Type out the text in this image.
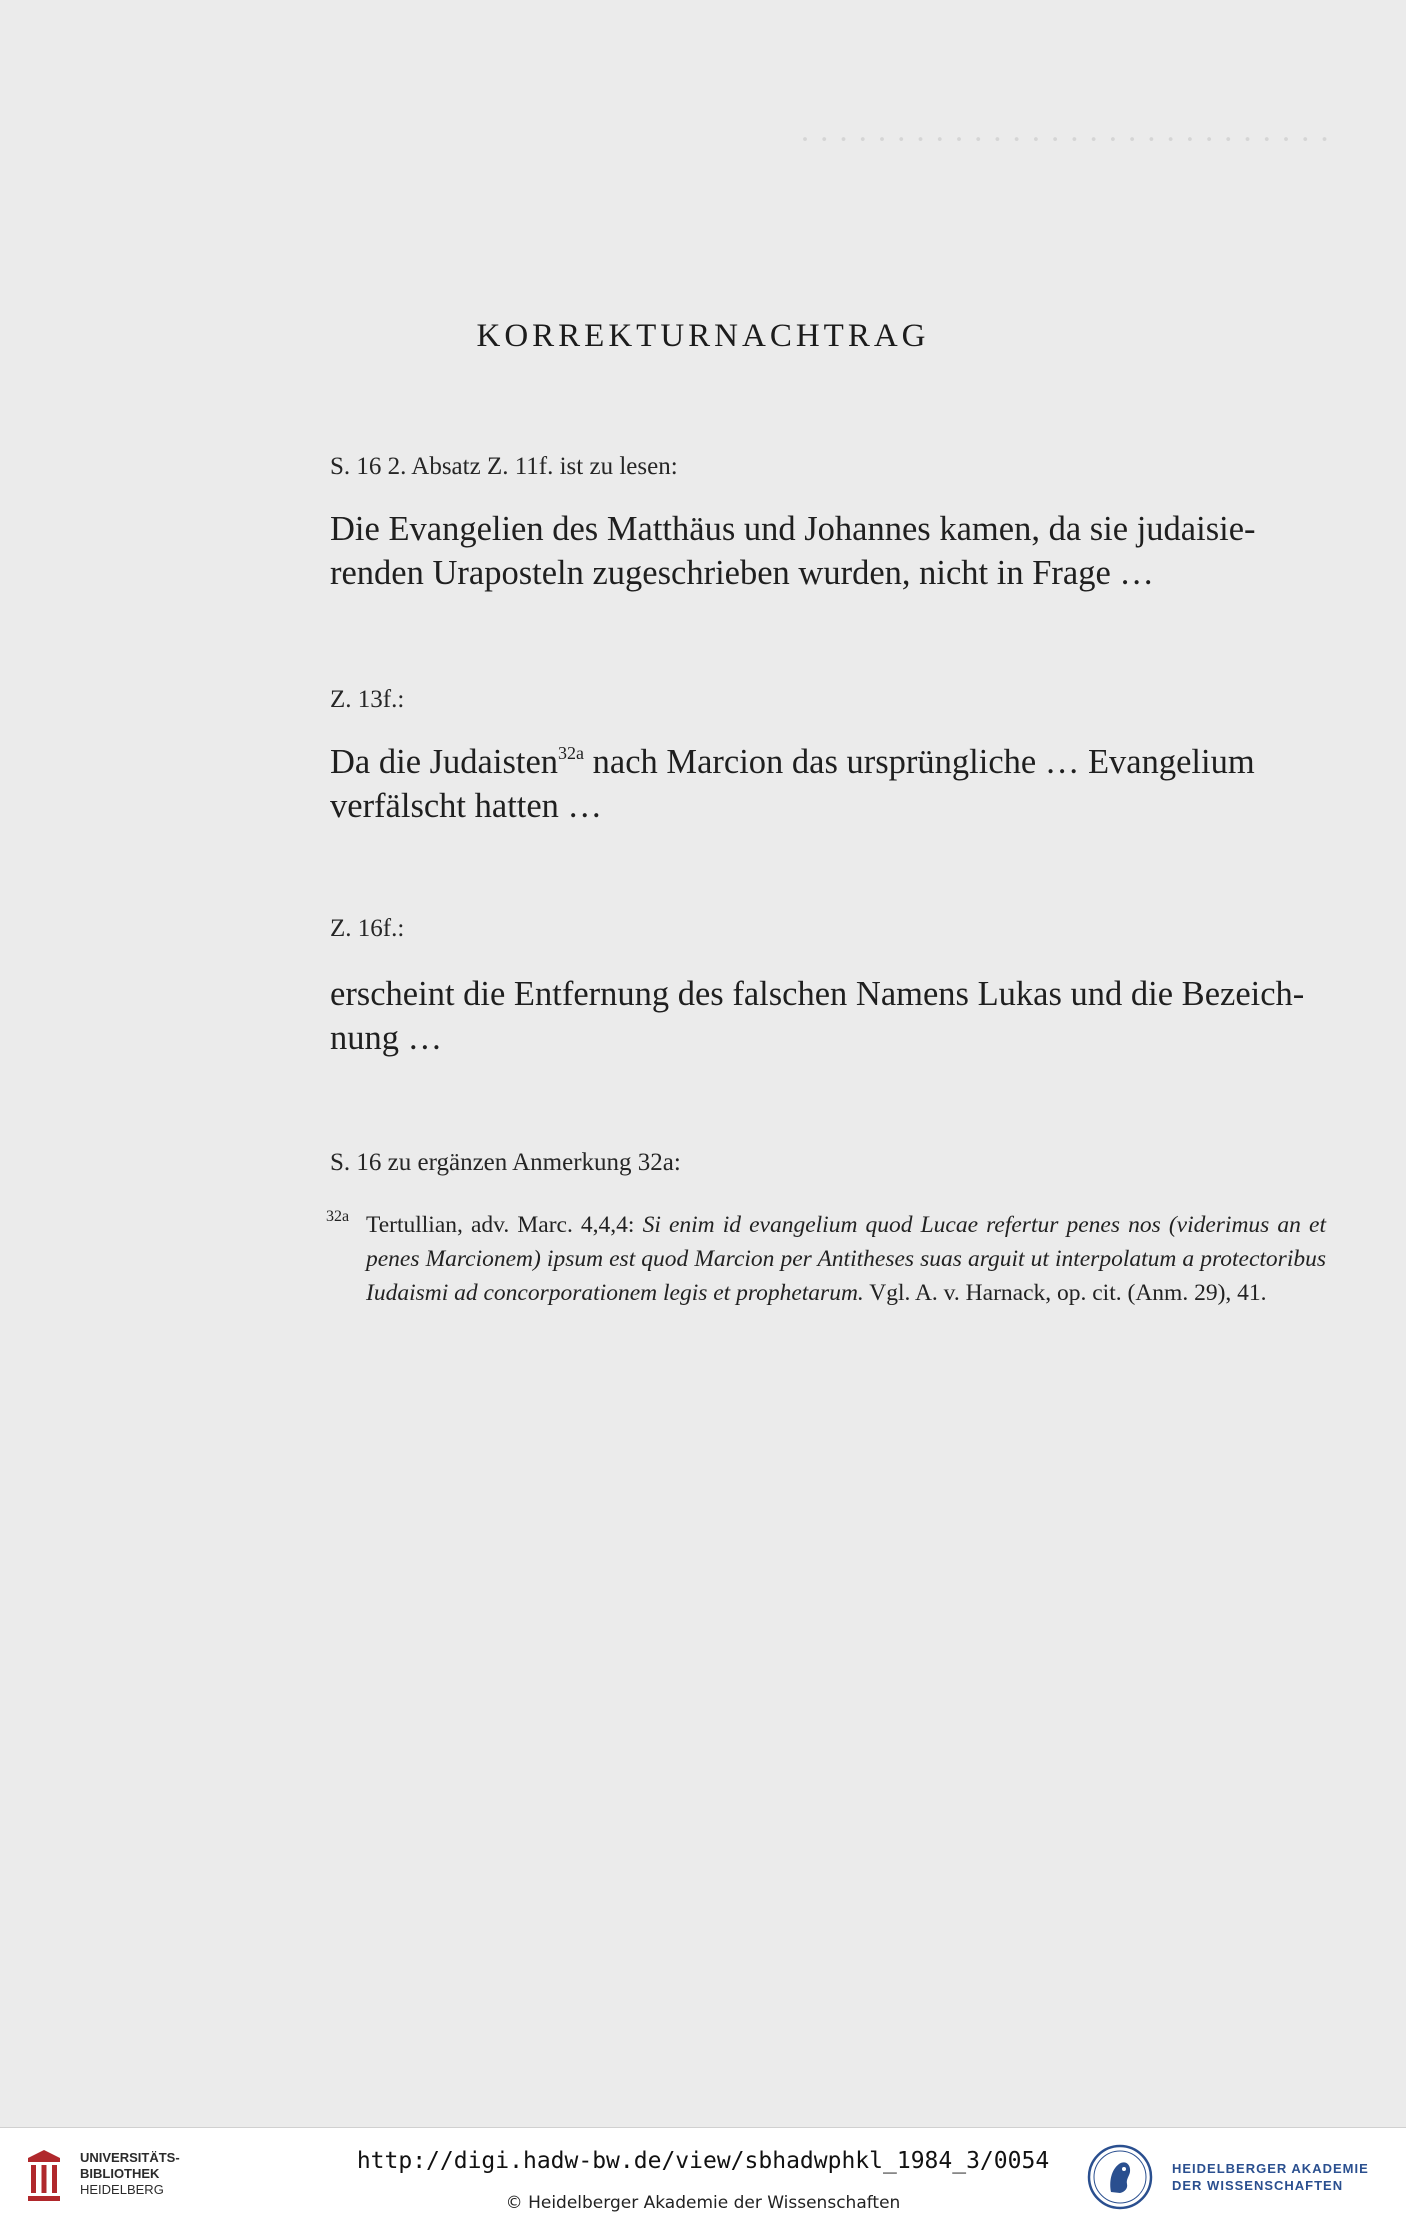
· · · · · · · · · · · · · · · · · · · · · · · · · · · ·

KORREKTURNACHTRAG
S. 16 2. Absatz Z. 11f. ist zu lesen:

Die Evangelien des Matthäus und Johannes kamen, da sie judaisie-

renden Uraposteln zugeschrieben wurden, nicht in Frage …

Z. 13f.:

Da die Judaisten$^{32a}$ nach Marcion das ursprüngliche … Evangelium

verfälscht hatten …

Z. 16f.:

erscheint die Entfernung des falschen Namens Lukas und die Bezeich-

nung …

S. 16 zu ergänzen Anmerkung 32a:
32a Tertullian, adv. Marc. 4,4,4: Si enim id evangelium quod Lucae refertur penes nos (viderimus an et penes Marcionem) ipsum est quod Marcion per Antitheses suas arguit ut interpolatum a protectoribus Iudaismi ad concorporationem legis et prophetarum. Vgl. A. v. Harnack, op. cit. (Anm. 29), 41.
UNIVERSITÄTS-
BIBLIOTHEK
HEIDELBERG
http://digi.hadw-bw.de/view/sbhadwphkl_1984_3/0054
© Heidelberger Akademie der Wissenschaften
HEIDELBERGER AKADEMIE
DER WISSENSCHAFTEN
